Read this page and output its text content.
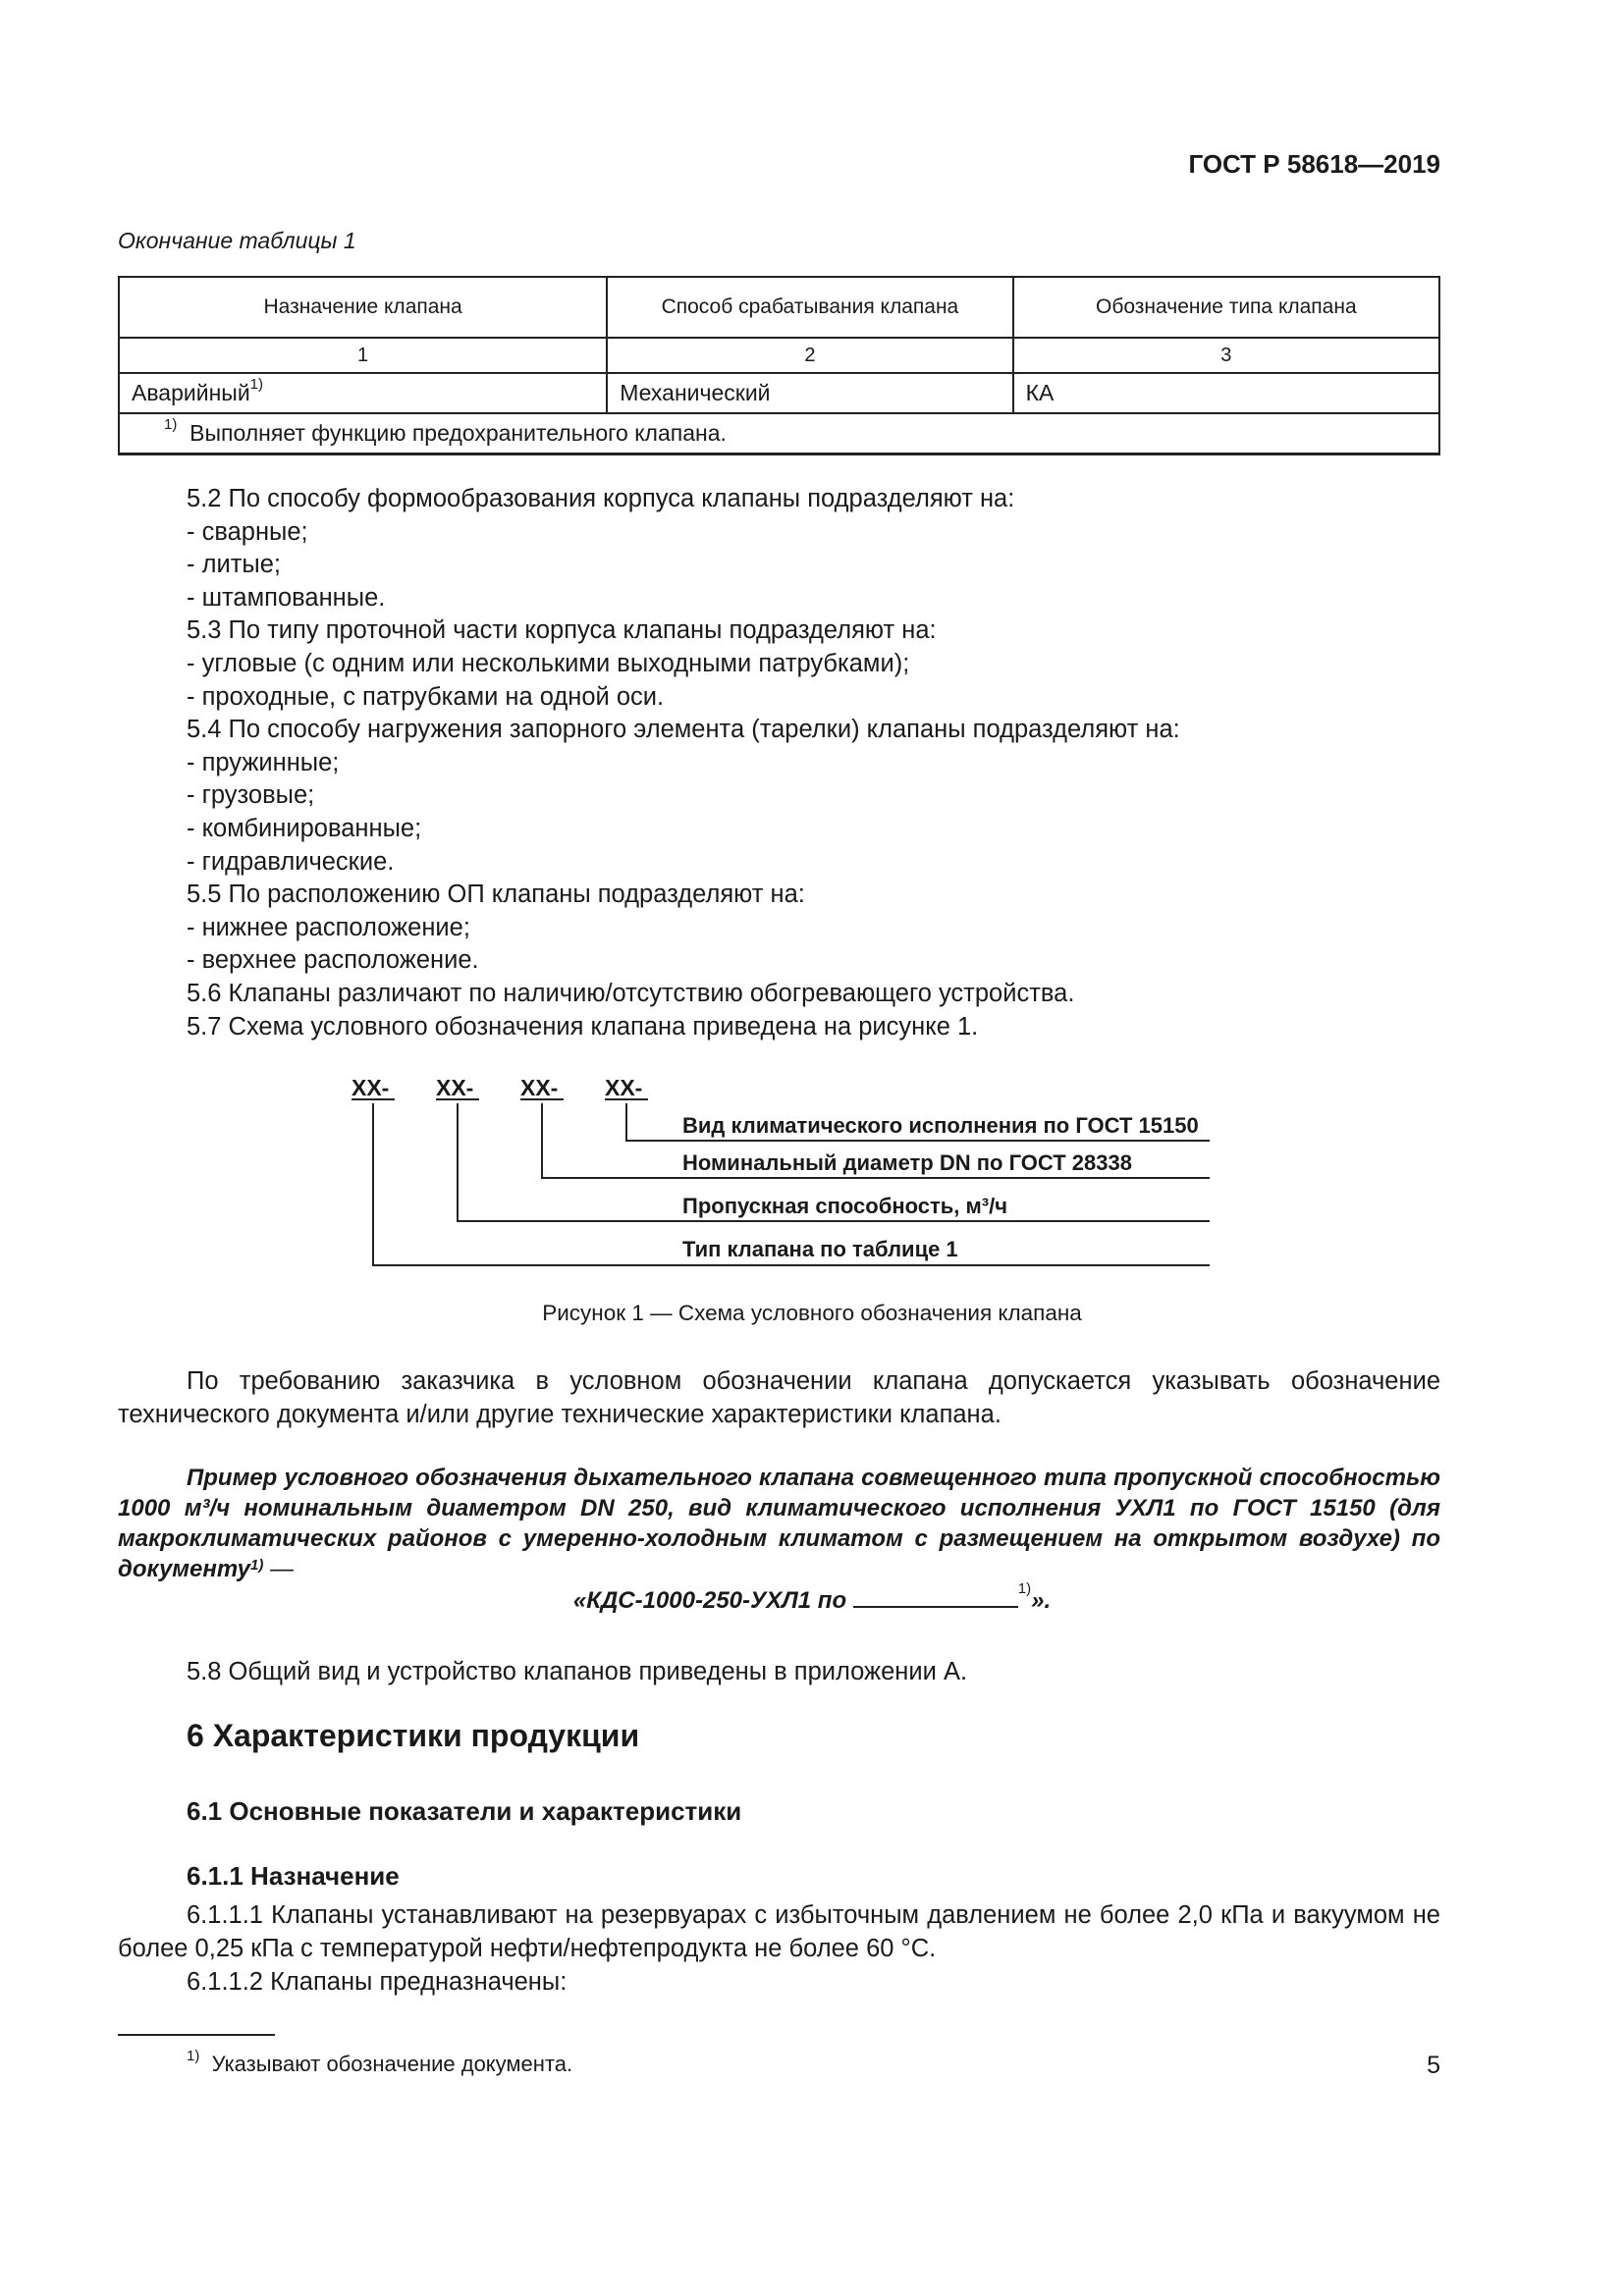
ГОСТ Р 58618—2019
Окончание таблицы 1
Назначение клапана	Способ срабатывания клапана	Обозначение типа клапана
1	2	3
Аварийный$^{1)}$	Механический	КА
$^{1)}$ Выполняет функцию предохранительного клапана.		
5.2 По способу формообразования корпуса клапаны подразделяют на:
- сварные;
- литые;
- штампованные.
5.3 По типу проточной части корпуса клапаны подразделяют на:
- угловые (с одним или несколькими выходными патрубками);
- проходные, с патрубками на одной оси.
5.4 По способу нагружения запорного элемента (тарелки) клапаны подразделяют на:
- пружинные;
- грузовые;
- комбинированные;
- гидравлические.
5.5 По расположению ОП клапаны подразделяют на:
- нижнее расположение;
- верхнее расположение.
5.6 Клапаны различают по наличию/отсутствию обогревающего устройства.
5.7 Схема условного обозначения клапана приведена на рисунке 1.
XX- XX- XX- XX-
Вид климатического исполнения по ГОСТ 15150
Номинальный диаметр DN по ГОСТ 28338
Пропускная способность, м³/ч
Тип клапана по таблице 1
Рисунок 1 — Схема условного обозначения клапана
По требованию заказчика в условном обозначении клапана допускается указывать обозначение технического документа и/или другие технические характеристики клапана.
Пример условного обозначения дыхательного клапана совмещенного типа пропускной способностью 1000 м³/ч номинальным диаметром DN 250, вид климатического исполнения УХЛ1 по ГОСТ 15150 (для макроклиматических районов с умеренно-холодным климатом с размещением на открытом воздухе) по документу$^{1)}$ —
«КДС-1000-250-УХЛ1 по	$^{1)}$».
5.8 Общий вид и устройство клапанов приведены в приложении А.
6 Характеристики продукции
6.1 Основные показатели и характеристики
6.1.1 Назначение
6.1.1.1 Клапаны устанавливают на резервуарах с избыточным давлением не более 2,0 кПа и вакуумом не более 0,25 кПа с температурой нефти/нефтепродукта не более 60 °С.
6.1.1.2 Клапаны предназначены:
$^{1)}$ Указывают обозначение документа.	5
